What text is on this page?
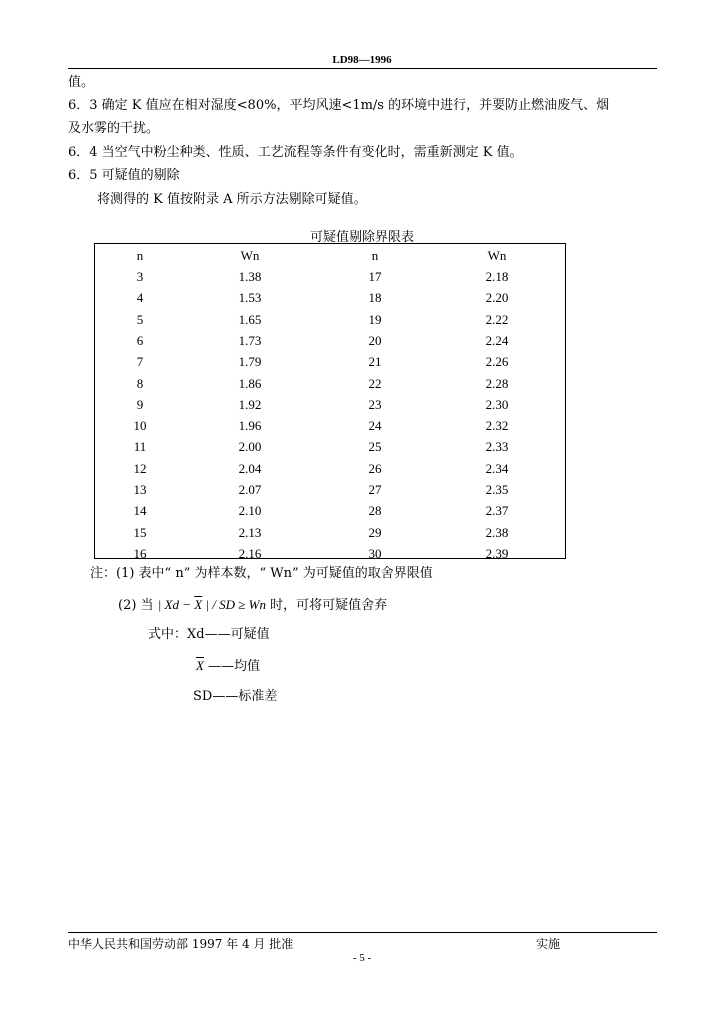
LD98—1996
值。
6．3 确定 K 值应在相对湿度<80%，平均风速<1m/s 的环境中进行，并要防止燃油废气、烟
及水雾的干扰。
6．4 当空气中粉尘种类、性质、工艺流程等条件有变化时，需重新测定 K 值。
6．5 可疑值的剔除
将测得的 K 值按附录 A 所示方法剔除可疑值。
可疑值剔除界限表
n	Wn	n	Wn
3	1.38	17	2.18
4	1.53	18	2.20
5	1.65	19	2.22
6	1.73	20	2.24
7	1.79	21	2.26
8	1.86	22	2.28
9	1.92	23	2.30
10	1.96	24	2.32
11	2.00	25	2.33
12	2.04	26	2.34
13	2.07	27	2.35
14	2.10	28	2.37
15	2.13	29	2.38
16	2.16	30	2.39
注：(1) 表中“ n” 为样本数，“ Wn” 为可疑值的取舍界限值
(2) 当 | $Xd - \overline{X}$ | / SD ≥ Wn 时，可将可疑值舍弃
式中：Xd——可疑值
$\overline{X}$ ——均值
SD——标准差
中华人民共和国劳动部 1997 年 4 月 批准	实施
- 5 -
